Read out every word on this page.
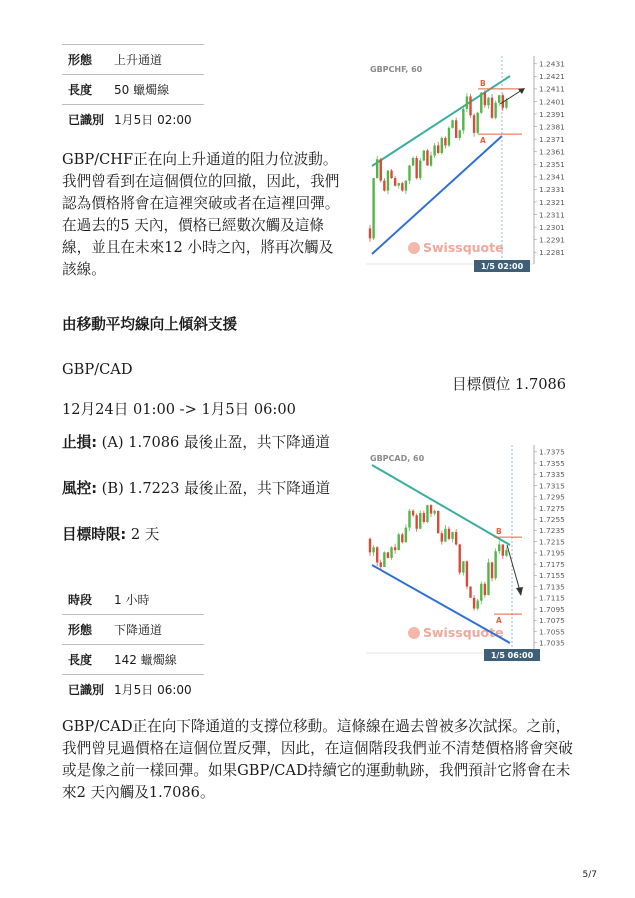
形態	上升通道
長度	50 蠟燭線
已識別 1月5日 02:00

GBP/CHF正在向上升通道的阻力位波動。我們曾看到在這個價位的回撤，因此，我們認為價格將會在這裡突破或者在這裡回彈。在過去的5 天內，價格已經數次觸及這條線，並且在未來12 小時之內，將再次觸及該線。

由移動平均線向上傾斜支援
GBP/CAD
目標價位 1.7086
12月24日 01:00 -> 1月5日 06:00

止損: (A) 1.7086 最後止盈，共下降通道

風控: (B) 1.7223 最後止盈，共下降通道

目標時限: 2 天

時段	1 小時
形態	下降通道
長度	142 蠟燭線
已識別 1月5日 06:00

GBP/CAD正在向下降通道的支撐位移動。這條線在過去曾被多次試探。之前，我們曾見過價格在這個位置反彈，因此，在這個階段我們並不清楚價格將會突破或是像之前一樣回彈。如果GBP/CAD持續它的運動軌跡，我們預計它將會在未來2 天內觸及1.7086。

5/7
1.2431
1.2421
1.2411
1.2401
1.2391
1.2381
1.2371
1.2361
1.2351
1.2341
1.2331
1.2321
1.2311
1.2301
1.2291
1.2281
GBPCHF, 60
Swissquote
B
A
1/5 02:00
1.7375
1.7355
1.7335
1.7315
1.7295
1.7275
1.7255
1.7235
1.7215
1.7195
1.7175
1.7155
1.7135
1.7115
1.7095
1.7075
1.7055
1.7035
GBPCAD, 60
Swissquote
B
A
1/5 06:00
